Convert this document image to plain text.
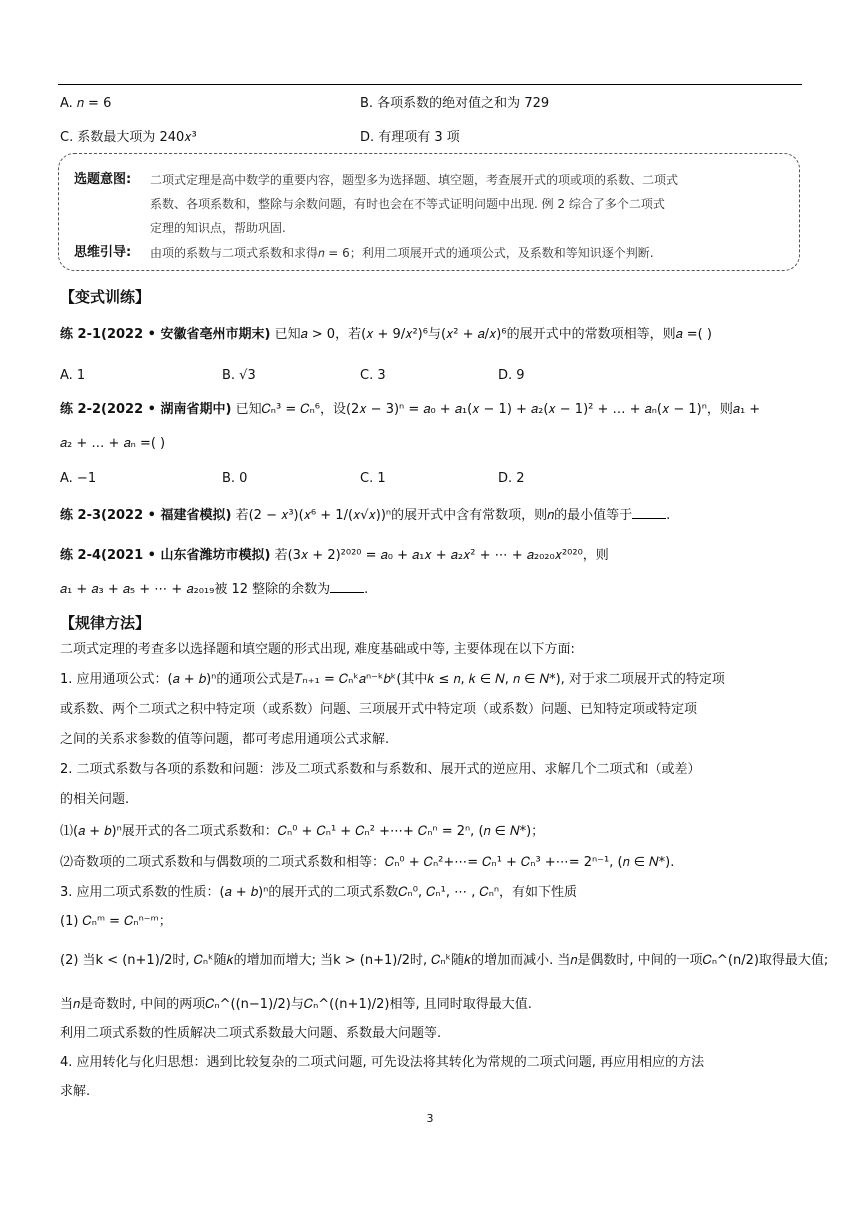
A. 𝑛 = 6	B. 各项系数的绝对值之和为 729
C. 系数最大项为 240𝑥³	D. 有理项有 3 项
选题意图: 二项式定理是高中数学的重要内容，题型多为选择题、填空题，考查展开式的项或项的系数、二项式
系数、各项系数和，整除与余数问题，有时也会在不等式证明问题中出现. 例 2 综合了多个二项式
定理的知识点，帮助巩固.
思维引导: 由项的系数与二项式系数和求得𝑛 = 6；利用二项展开式的通项公式，及系数和等知识逐个判断.
【变式训练】
练 2-1(2022 • 安徽省亳州市期末) 已知𝑎 > 0，若(𝑥 + 9/𝑥²)⁶与(𝑥² + 𝑎/𝑥)⁶的展开式中的常数项相等，则𝑎 =( )
A. 1	B. √3	C. 3	D. 9
练 2-2(2022 • 湖南省期中) 已知𝐶ₙ³ = 𝐶ₙ⁶，设(2𝑥 − 3)ⁿ = 𝑎₀ + 𝑎₁(𝑥 − 1) + 𝑎₂(𝑥 − 1)² + … + 𝑎ₙ(𝑥 − 1)ⁿ，则𝑎₁ +
𝑎₂ + … + 𝑎ₙ =( )
A. −1	B. 0	C. 1	D. 2
练 2-3(2022 • 福建省模拟) 若(2 − 𝑥³)(𝑥⁶ + 1/(𝑥√𝑥))ⁿ的展开式中含有常数项，则𝑛的最小值等于	.
练 2-4(2021 • 山东省潍坊市模拟) 若(3𝑥 + 2)²⁰²⁰ = 𝑎₀ + 𝑎₁𝑥 + 𝑎₂𝑥² + ⋯ + 𝑎₂₀₂₀𝑥²⁰²⁰，则
𝑎₁ + 𝑎₃ + 𝑎₅ + ⋯ + 𝑎₂₀₁₉被 12 整除的余数为	.
【规律方法】
二项式定理的考查多以选择题和填空题的形式出现, 难度基础或中等, 主要体现在以下方面:
1. 应用通项公式：(𝑎 + 𝑏)ⁿ的通项公式是𝑇ₙ₊₁ = 𝐶ₙᵏ𝑎ⁿ⁻ᵏ𝑏ᵏ(其中𝑘 ≤ 𝑛, 𝑘 ∈ 𝑁, 𝑛 ∈ 𝑁*), 对于求二项展开式的特定项
或系数、两个二项式之积中特定项（或系数）问题、三项展开式中特定项（或系数）问题、已知特定项或特定项
之间的关系求参数的值等问题，都可考虑用通项公式求解.
2. 二项式系数与各项的系数和问题：涉及二项式系数和与系数和、展开式的逆应用、求解几个二项式和（或差）
的相关问题.
⑴(𝑎 + 𝑏)ⁿ展开式的各二项式系数和：𝐶ₙ⁰ + 𝐶ₙ¹ + 𝐶ₙ² +⋯+ 𝐶ₙⁿ = 2ⁿ, (𝑛 ∈ 𝑁*)；
⑵奇数项的二项式系数和与偶数项的二项式系数和相等：𝐶ₙ⁰ + 𝐶ₙ²+⋯= 𝐶ₙ¹ + 𝐶ₙ³ +⋯= 2ⁿ⁻¹, (𝑛 ∈ 𝑁*).
3. 应用二项式系数的性质：(𝑎 + 𝑏)ⁿ的展开式的二项式系数𝐶ₙ⁰, 𝐶ₙ¹, ⋯ , 𝐶ₙⁿ，有如下性质
(1) 𝐶ₙᵐ = 𝐶ₙⁿ⁻ᵐ；
(2) 当k < (n+1)/2时, 𝐶ₙᵏ随𝑘的增加而增大; 当k > (n+1)/2时, 𝐶ₙᵏ随𝑘的增加而减小. 当𝑛是偶数时, 中间的一项𝐶ₙ^(n/2)取得最大值;
当𝑛是奇数时, 中间的两项𝐶ₙ^((n−1)/2)与𝐶ₙ^((n+1)/2)相等, 且同时取得最大值.
利用二项式系数的性质解决二项式系数最大问题、系数最大问题等.
4. 应用转化与化归思想：遇到比较复杂的二项式问题, 可先设法将其转化为常规的二项式问题, 再应用相应的方法
求解.
3
